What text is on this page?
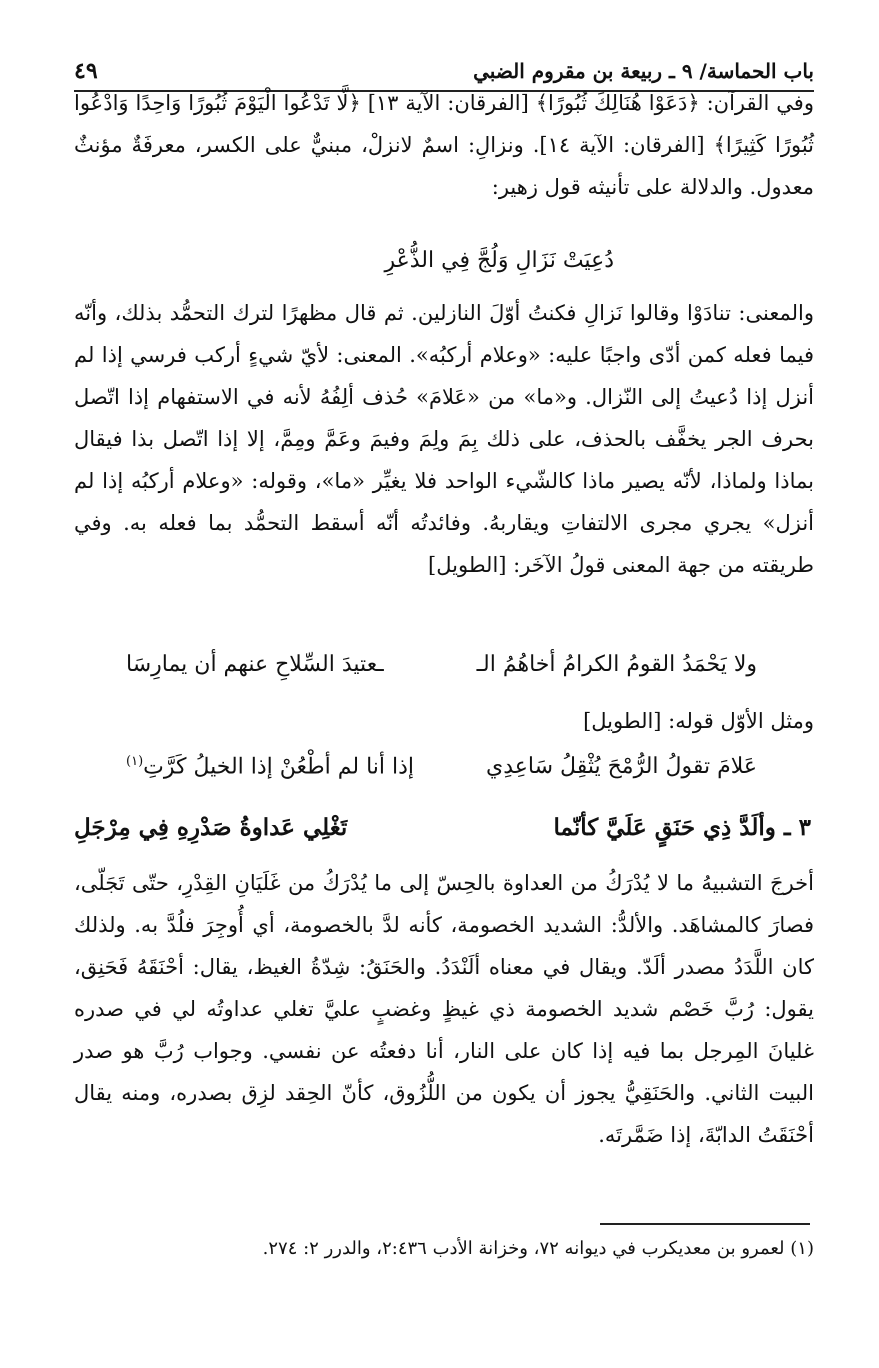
باب الحماسة/ ٩ ـ ربيعة بن مقروم الضبي
٤٩

وفي القرآن: ﴿دَعَوْا هُنَالِكَ ثُبُورًا﴾ [الفرقان: الآية ١٣] ﴿لَّا تَدْعُوا الْيَوْمَ ثُبُورًا وَاحِدًا وَادْعُوا ثُبُورًا كَثِيرًا﴾ [الفرقان: الآية ١٤]. ونزالِ: اسمٌ لانزلْ، مبنيٌّ على الكسر، معرفَةٌ مؤنثٌ معدول. والدلالة على تأنيثه قول زهير:

دُعِيَتْ نَزَالِ وَلُجَّ فِي الذُّعْرِ

والمعنى: تنادَوْا وقالوا نَزالِ فكنتُ أوّلَ النازلين. ثم قال مظهرًا لترك التحمُّد بذلك، وأنّه فيما فعله كمن أدّى واجبًا عليه: «وعلام أركبُه». المعنى: لأيّ شيءٍ أركب فرسي إذا لم أنزل إذا دُعيتُ إلى النّزال. و«ما» من «عَلامَ» حُذف ألِفُهُ لأنه في الاستفهام إذا اتّصل بحرف الجر يخفَّف بالحذف، على ذلك بِمَ ولِمَ وفيمَ وعَمَّ ومِمَّ، إلا إذا اتّصل بذا فيقال بماذا ولماذا، لأنّه يصير ماذا كالشّيء الواحد فلا يغيِّر «ما»، وقوله: «وعلام أركبُه إذا لم أنزل» يجري مجرى الالتفاتِ ويقاربهُ. وفائدتُه أنّه أسقط التحمُّد بما فعله به. وفي طريقته من جهة المعنى قولُ الآخَر: [الطويل]

ولا يَحْمَدُ القومُ الكرامُ أخاهُمُ الـ
ـعتيدَ السِّلاحِ عنهم أن يمارِسَا

ومثل الأوّل قوله: [الطويل]

عَلامَ تقولُ الرُّمْحَ يُثْقِلُ سَاعِدِي
إذا أنا لم أطْعُنْ إذا الخيلُ كَرَّتِ$^{(١)}$
٣ ـ وألَدَّ ذِي حَنَقٍ عَلَيَّ كأنّما
تَغْلِي عَداوةُ صَدْرِهِ فِي مِرْجَلِ

أخرجَ التشبيهُ ما لا يُدْرَكُ من العداوة بالحِسّ إلى ما يُدْرَكُ من غَلَيَانِ القِدْرِ، حتّى تَجَلّى، فصارَ كالمشاهَد. والألدُّ: الشديد الخصومة، كأنه لدَّ بالخصومة، أي أُوجِرَ فلُدَّ به. ولذلك كان اللَّدَدُ مصدر ألَدّ. ويقال في معناه ألَنْدَدُ. والحَنَقُ: شِدّةُ الغيظ، يقال: أحْنَقَهُ فَحَنِق، يقول: رُبَّ خَصْم شديد الخصومة ذي غيظٍ وغضبٍ عليَّ تغلي عداوتُه لي في صدره غليانَ المِرجل بما فيه إذا كان على النار، أنا دفعتُه عن نفسي. وجواب رُبَّ هو صدر البيت الثاني. والحَنَقِيُّ يجوز أن يكون من اللُّزُوق، كأنّ الحِقد لزِق بصدره، ومنه يقال أحْنَقَتُ الدابّةَ، إذا ضَمَّرتَه.

(١) لعمرو بن معديكرب في ديوانه ٧٢، وخزانة الأدب ٢:٤٣٦، والدرر ٢: ٢٧٤.
